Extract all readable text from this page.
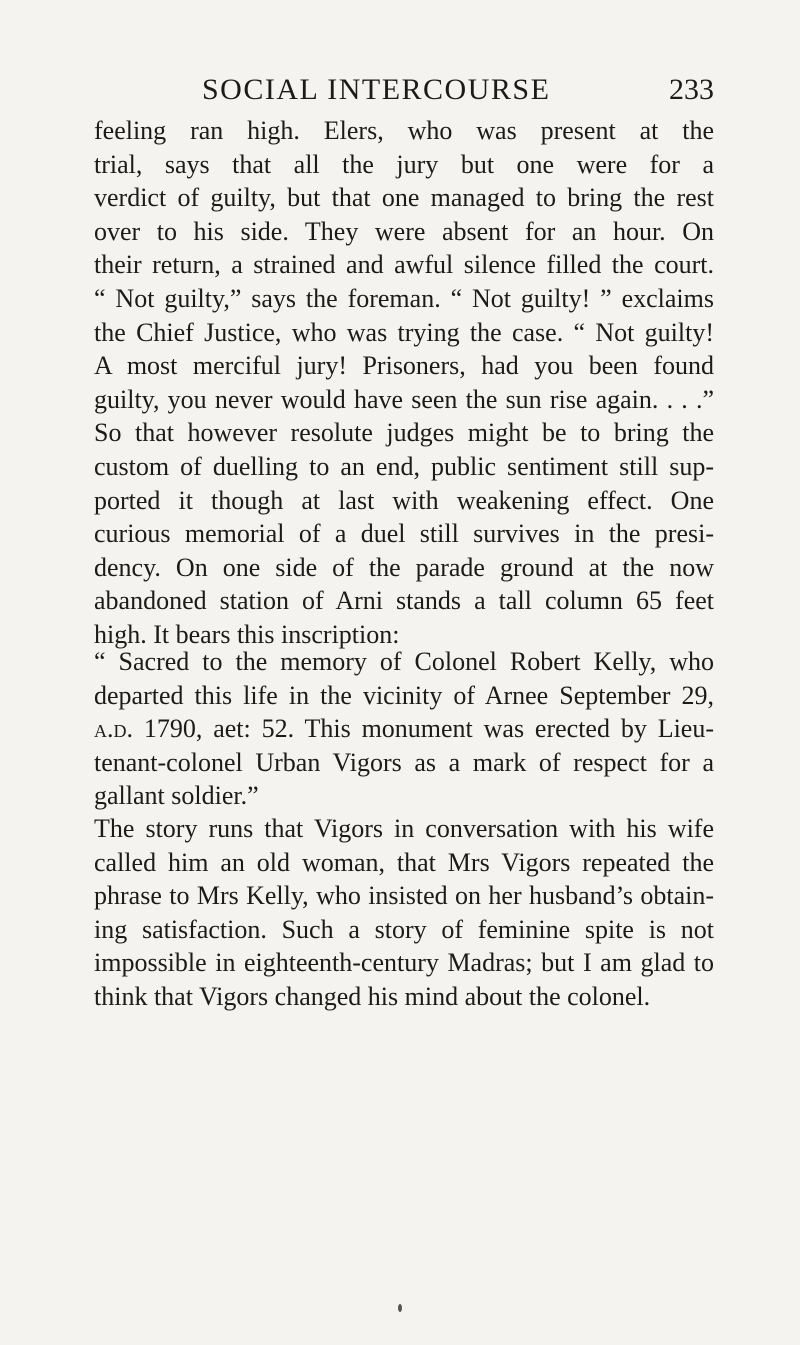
SOCIAL INTERCOURSE	233

feeling ran high. Elers, who was present at the
trial, says that all the jury but one were for a
verdict of guilty, but that one managed to bring the rest
over to his side. They were absent for an hour. On
their return, a strained and awful silence filled the court.
“ Not guilty,” says the foreman. “ Not guilty! ” exclaims
the Chief Justice, who was trying the case. “ Not guilty!
A most merciful jury! Prisoners, had you been found
guilty, you never would have seen the sun rise again. . . .”
So that however resolute judges might be to bring the
custom of duelling to an end, public sentiment still sup-
ported it though at last with weakening effect. One
curious memorial of a duel still survives in the presi-
dency. On one side of the parade ground at the now
abandoned station of Arni stands a tall column 65 feet
high. It bears this inscription:

“ Sacred to the memory of Colonel Robert Kelly, who
departed this life in the vicinity of Arnee September 29,
a.d. 1790, aet: 52. This monument was erected by Lieu-
tenant-colonel Urban Vigors as a mark of respect for a
gallant soldier.”

The story runs that Vigors in conversation with his wife
called him an old woman, that Mrs Vigors repeated the
phrase to Mrs Kelly, who insisted on her husband’s obtain-
ing satisfaction. Such a story of feminine spite is not
impossible in eighteenth-century Madras; but I am glad to
think that Vigors changed his mind about the colonel.
